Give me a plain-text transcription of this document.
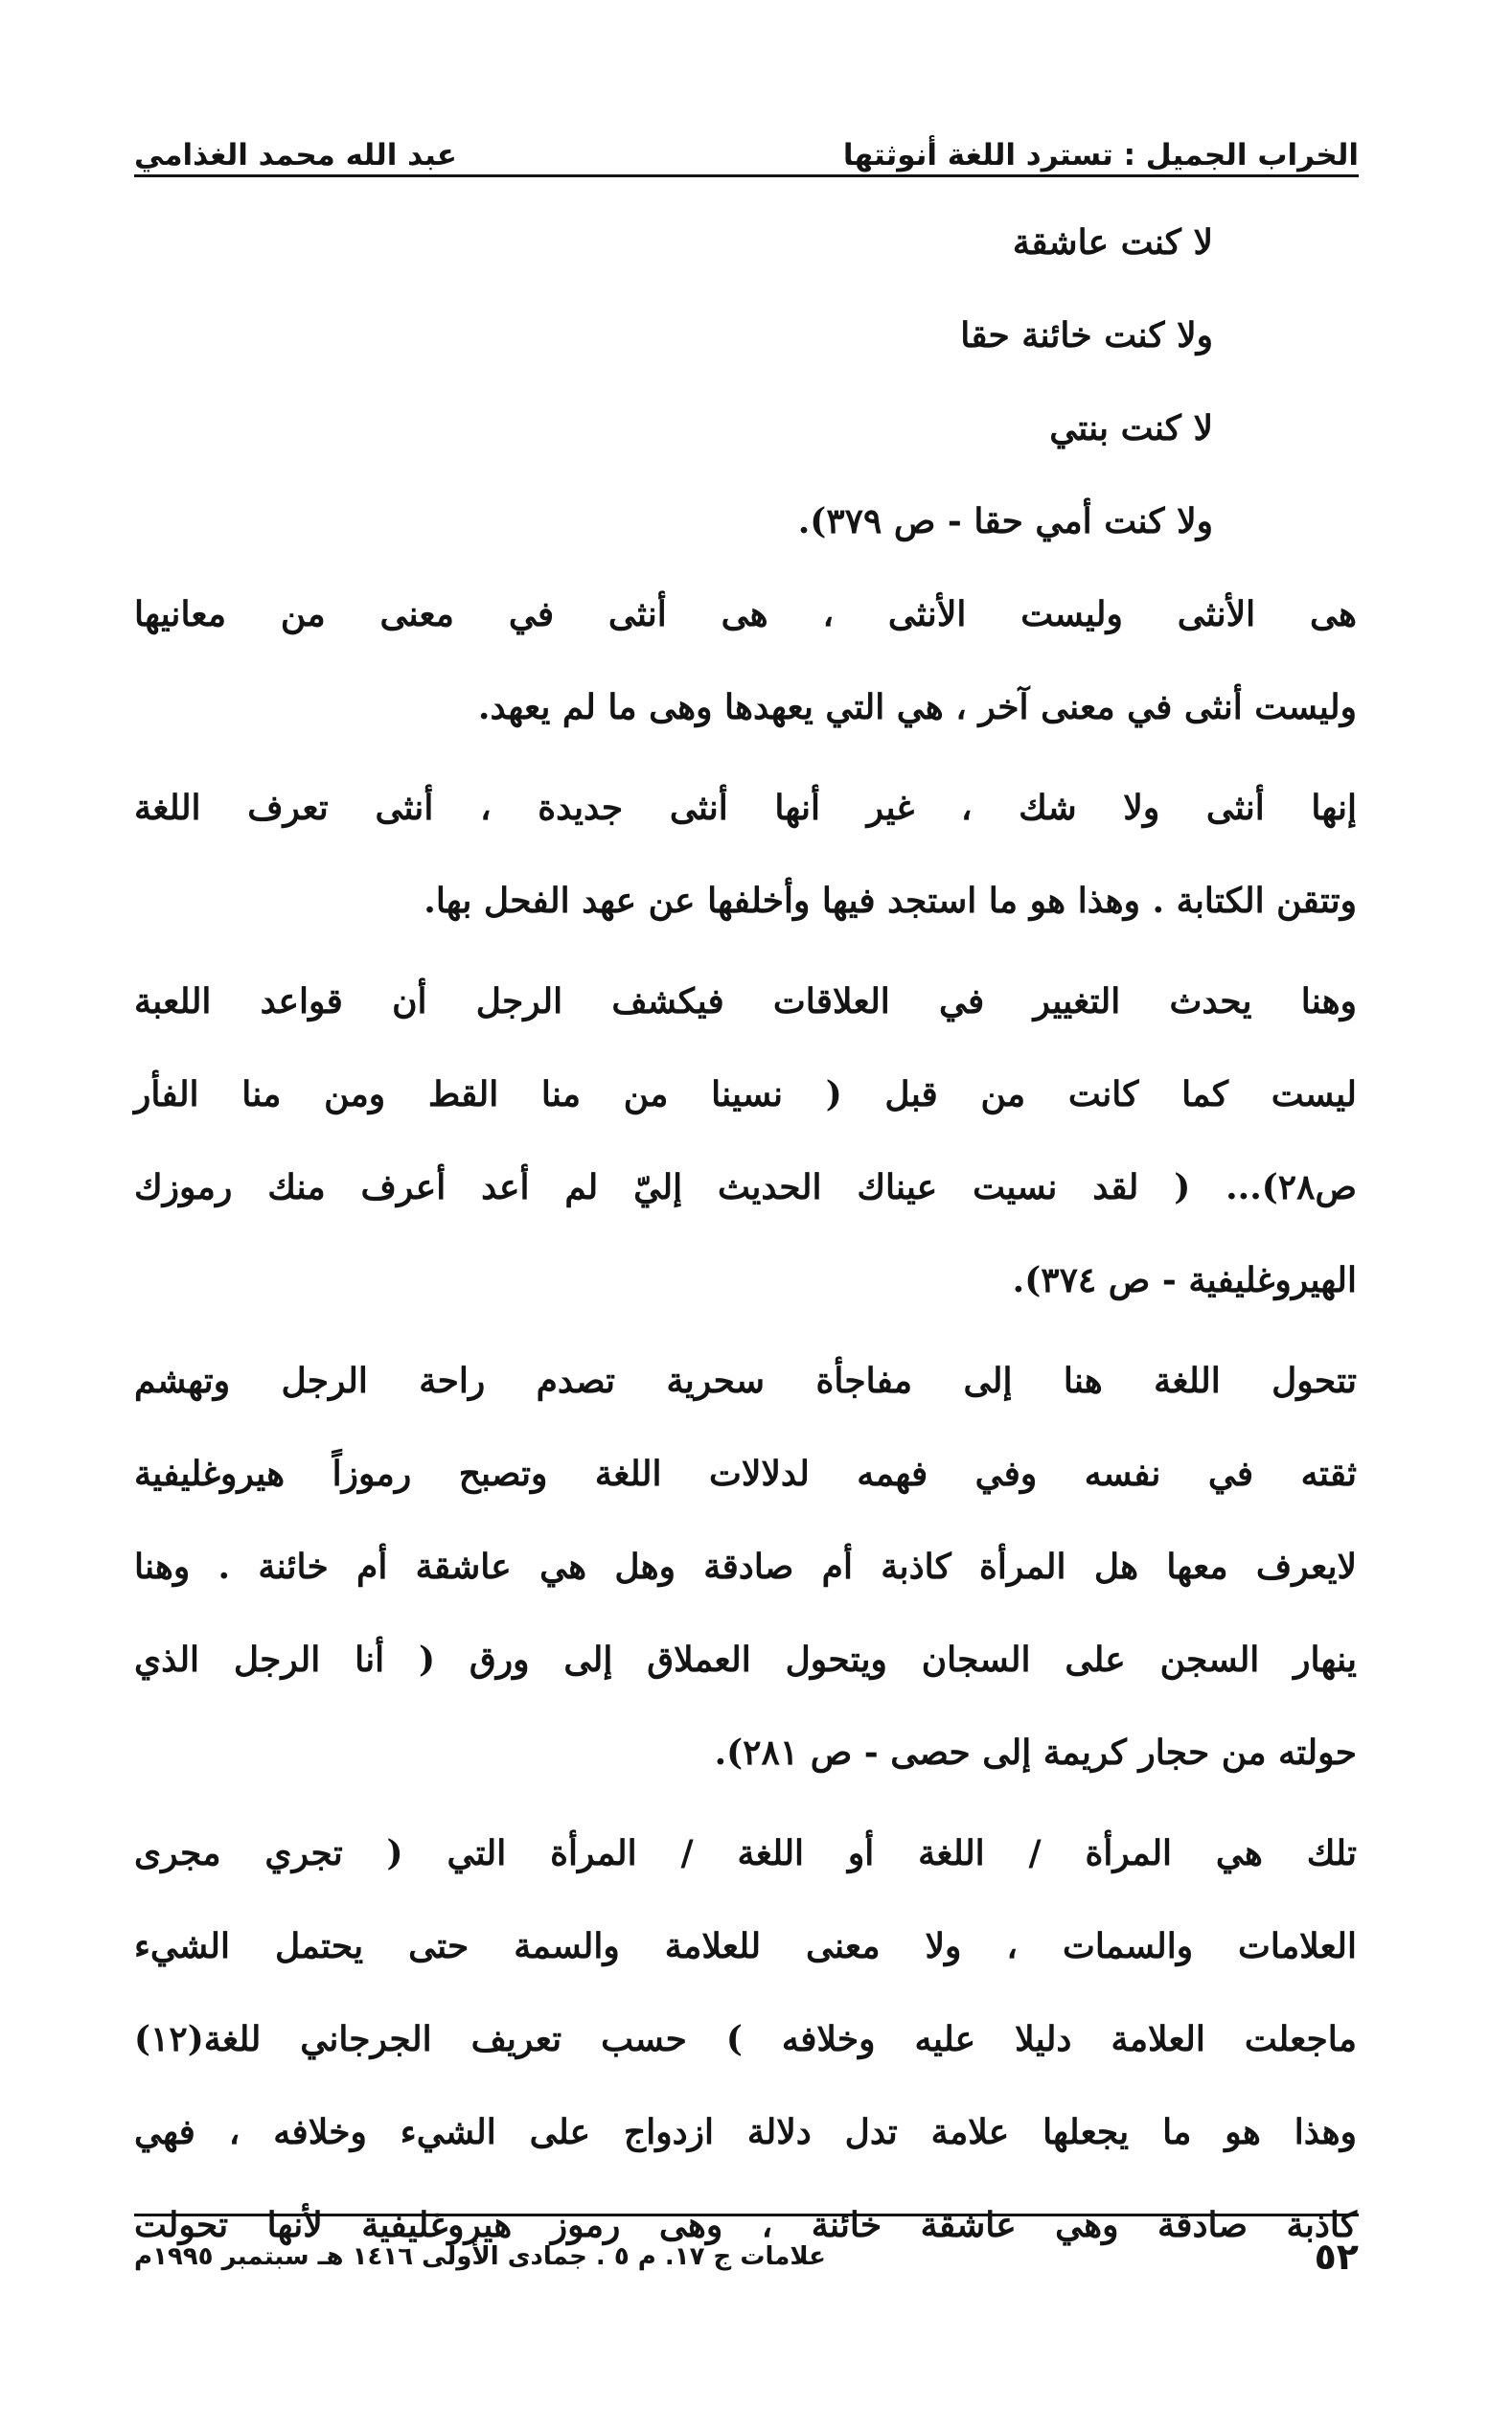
الخراب الجميل : تسترد اللغة أنوثتها
عبد الله محمد الغذامي

لا كنت عاشقة

ولا كنت خائنة حقا

لا كنت بنتي

ولا كنت أمي حقا - ص ٣٧٩).

هى الأنثى وليست الأنثى ، هى أنثى في معنى من معانيها
وليست أنثى في معنى آخر ، هي التي يعهدها وهى ما لم يعهد.

إنها أنثى ولا شك ، غير أنها أنثى جديدة ، أنثى تعرف اللغة
وتتقن الكتابة . وهذا هو ما استجد فيها وأخلفها عن عهد الفحل بها.

وهنا يحدث التغيير في العلاقات فيكشف الرجل أن قواعد اللعبة
ليست كما كانت من قبل ( نسينا من منا القط ومن منا الفأر
ص٢٨)... ( لقد نسيت عيناك الحديث إليّ لم أعد أعرف منك رموزك
الهيروغليفية - ص ٣٧٤).

تتحول اللغة هنا إلى مفاجأة سحرية تصدم راحة الرجل وتهشم
ثقته في نفسه وفي فهمه لدلالات اللغة وتصبح رموزاً هيروغليفية
لايعرف معها هل المرأة كاذبة أم صادقة وهل هي عاشقة أم خائنة . وهنا
ينهار السجن على السجان ويتحول العملاق إلى ورق ( أنا الرجل الذي
حولته من حجار كريمة إلى حصى - ص ٢٨١).

تلك هي المرأة / اللغة أو اللغة / المرأة التي ( تجري مجرى
العلامات والسمات ، ولا معنى للعلامة والسمة حتى يحتمل الشيء
ماجعلت العلامة دليلا عليه وخلافه ) حسب تعريف الجرجاني للغة(١٢)
وهذا هو ما يجعلها علامة تدل دلالة ازدواج على الشيء وخلافه ، فهي
كاذبة صادقة وهي عاشقة خائنة ، وهى رموز هيروغليفية لأنها تحولت

٥٢
علامات ج ١٧. م ٥ . جمادى الأولى ١٤١٦ هـ سبتمبر ١٩٩٥م
